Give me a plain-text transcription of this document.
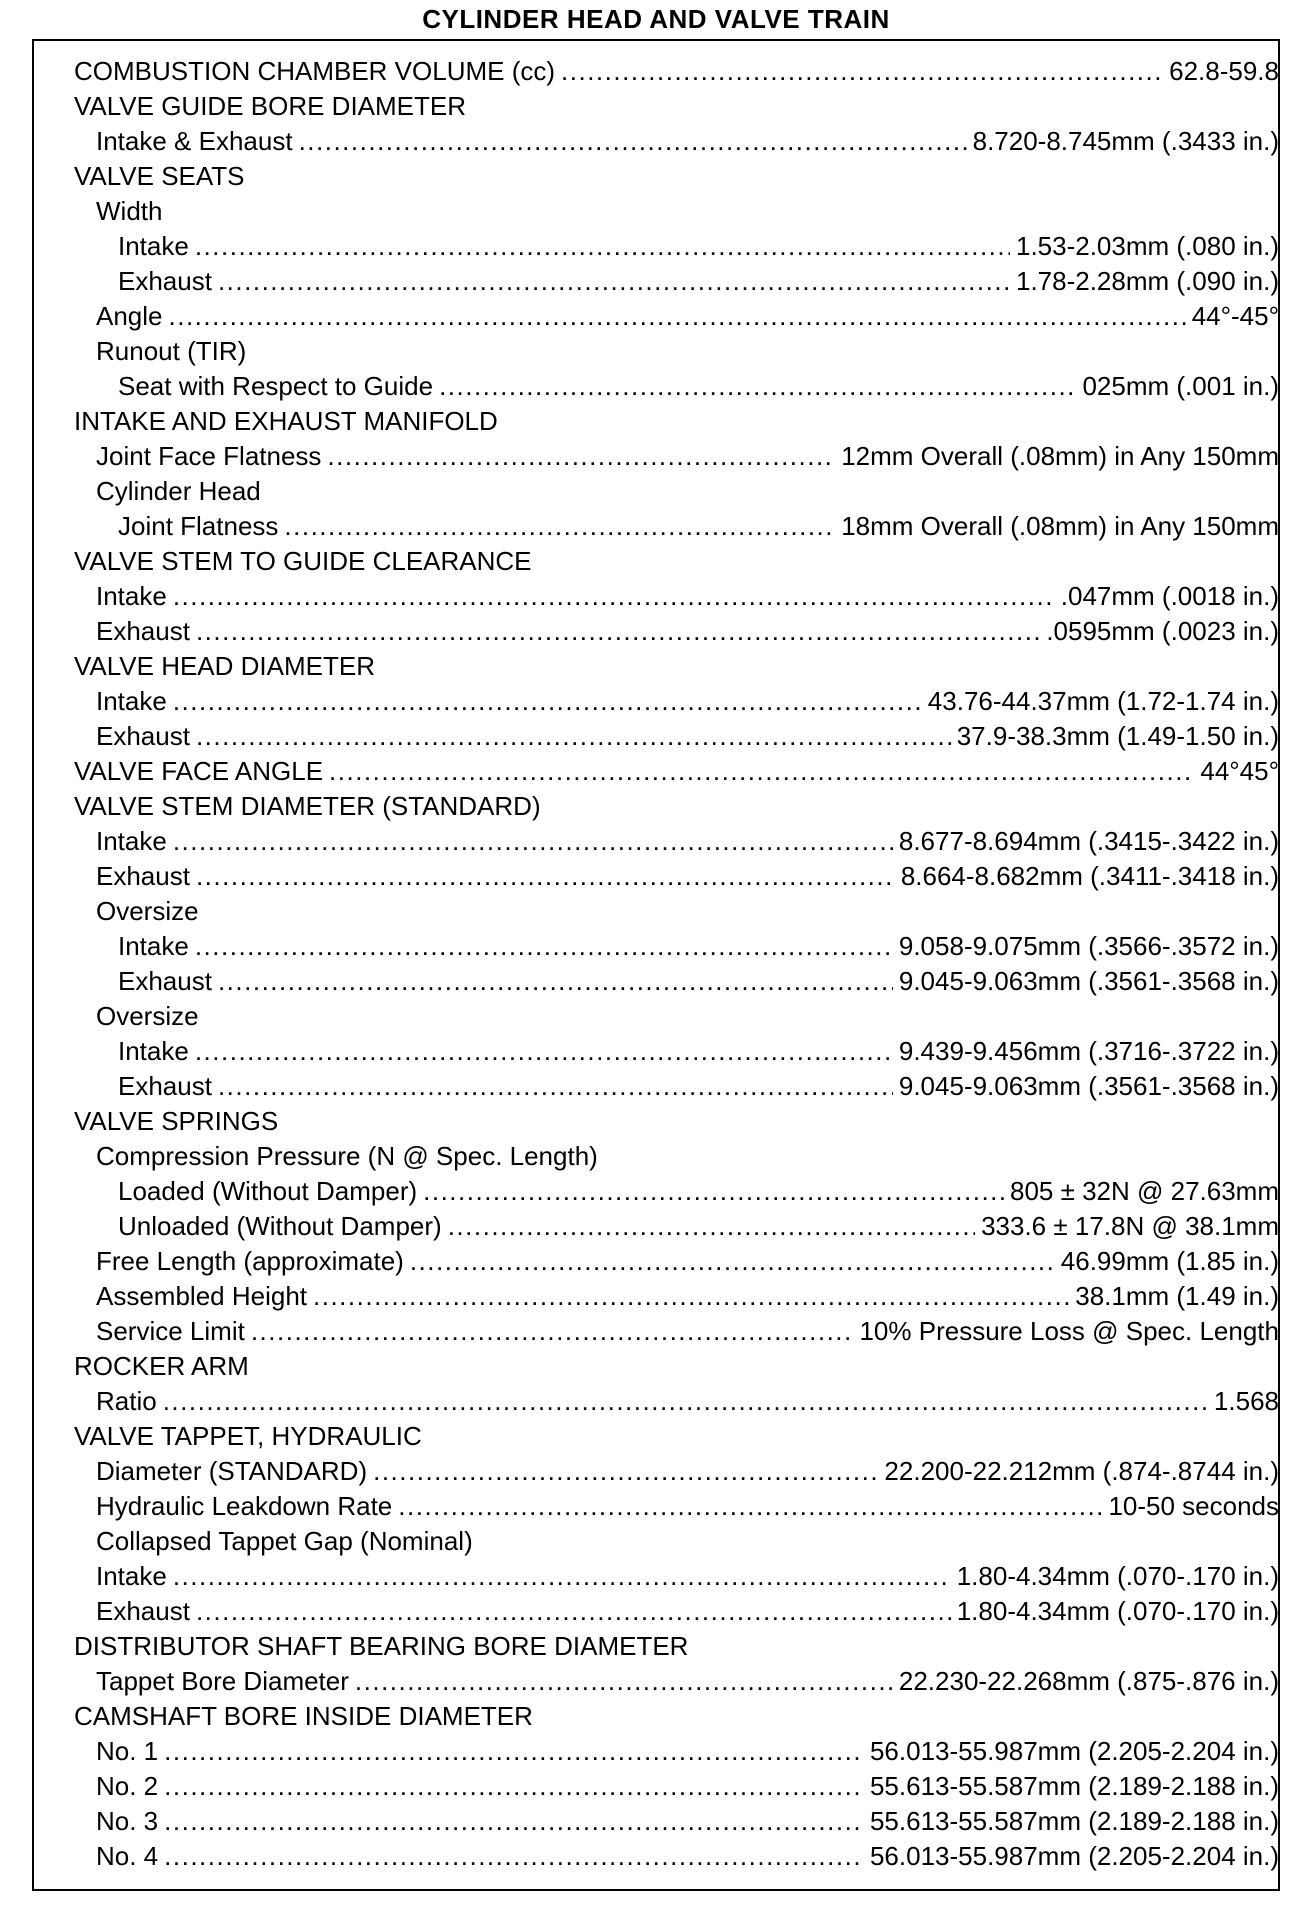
CYLINDER HEAD AND VALVE TRAIN
COMBUSTION CHAMBER VOLUME (cc) .....	62.8-59.8
VALVE GUIDE BORE DIAMETER
Intake & Exhaust .....	8.720-8.745mm (.3433 in.)
VALVE SEATS
Width
Intake .....	1.53-2.03mm (.080 in.)
Exhaust .....	1.78-2.28mm (.090 in.)
Angle .....	44°-45°
Runout (TIR)
Seat with Respect to Guide .....	025mm (.001 in.)
INTAKE AND EXHAUST MANIFOLD
Joint Face Flatness .....	12mm Overall (.08mm) in Any 150mm
Cylinder Head
Joint Flatness .....	18mm Overall (.08mm) in Any 150mm
VALVE STEM TO GUIDE CLEARANCE
Intake .....	.047mm (.0018 in.)
Exhaust .....	.0595mm (.0023 in.)
VALVE HEAD DIAMETER
Intake .....	43.76-44.37mm (1.72-1.74 in.)
Exhaust .....	37.9-38.3mm (1.49-1.50 in.)
VALVE FACE ANGLE .....	44°45°
VALVE STEM DIAMETER (STANDARD)
Intake .....	8.677-8.694mm (.3415-.3422 in.)
Exhaust .....	8.664-8.682mm (.3411-.3418 in.)
Oversize
Intake .....	9.058-9.075mm (.3566-.3572 in.)
Exhaust .....	9.045-9.063mm (.3561-.3568 in.)
Oversize
Intake .....	9.439-9.456mm (.3716-.3722 in.)
Exhaust .....	9.045-9.063mm (.3561-.3568 in.)
VALVE SPRINGS
Compression Pressure (N @ Spec. Length)
Loaded (Without Damper) .....	805 ± 32N @ 27.63mm
Unloaded (Without Damper) .....	333.6 ± 17.8N @ 38.1mm
Free Length (approximate) .....	46.99mm (1.85 in.)
Assembled Height .....	38.1mm (1.49 in.)
Service Limit .....	10% Pressure Loss @ Spec. Length
ROCKER ARM
Ratio .....	1.568
VALVE TAPPET, HYDRAULIC
Diameter (STANDARD) .....	22.200-22.212mm (.874-.8744 in.)
Hydraulic Leakdown Rate .....	10-50 seconds
Collapsed Tappet Gap (Nominal)
Intake .....	1.80-4.34mm (.070-.170 in.)
Exhaust .....	1.80-4.34mm (.070-.170 in.)
DISTRIBUTOR SHAFT BEARING BORE DIAMETER
Tappet Bore Diameter .....	22.230-22.268mm (.875-.876 in.)
CAMSHAFT BORE INSIDE DIAMETER
No. 1 .....	56.013-55.987mm (2.205-2.204 in.)
No. 2 .....	55.613-55.587mm (2.189-2.188 in.)
No. 3 .....	55.613-55.587mm (2.189-2.188 in.)
No. 4 .....	56.013-55.987mm (2.205-2.204 in.)
